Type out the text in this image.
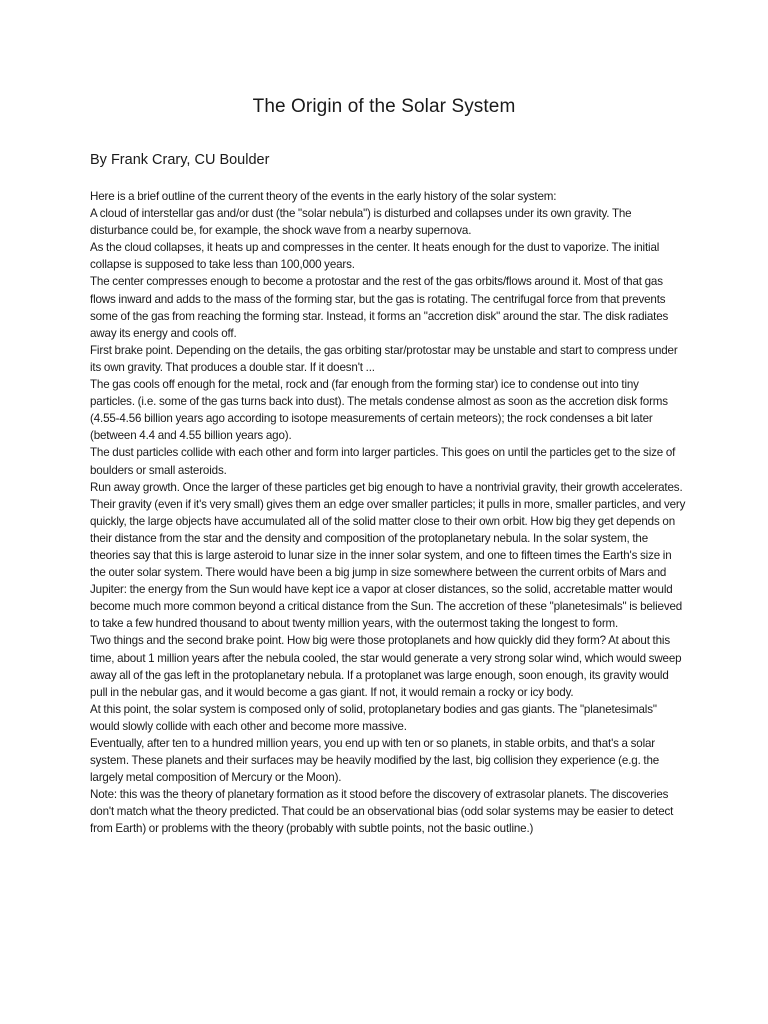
The Origin of the Solar System
By Frank Crary, CU Boulder

Here is a brief outline of the current theory of the events in the early history of the solar system:

A cloud of interstellar gas and/or dust (the "solar nebula") is disturbed and collapses under its own gravity. The disturbance could be, for example, the shock wave from a nearby supernova.

As the cloud collapses, it heats up and compresses in the center. It heats enough for the dust to vaporize. The initial collapse is supposed to take less than 100,000 years.

The center compresses enough to become a protostar and the rest of the gas orbits/flows around it. Most of that gas flows inward and adds to the mass of the forming star, but the gas is rotating. The centrifugal force from that prevents some of the gas from reaching the forming star. Instead, it forms an "accretion disk" around the star. The disk radiates away its energy and cools off.

First brake point. Depending on the details, the gas orbiting star/protostar may be unstable and start to compress under its own gravity. That produces a double star. If it doesn't ...

The gas cools off enough for the metal, rock and (far enough from the forming star) ice to condense out into tiny particles. (i.e. some of the gas turns back into dust). The metals condense almost as soon as the accretion disk forms (4.55-4.56 billion years ago according to isotope measurements of certain meteors); the rock condenses a bit later (between 4.4 and 4.55 billion years ago).

The dust particles collide with each other and form into larger particles. This goes on until the particles get to the size of boulders or small asteroids.

Run away growth. Once the larger of these particles get big enough to have a nontrivial gravity, their growth accelerates. Their gravity (even if it's very small) gives them an edge over smaller particles; it pulls in more, smaller particles, and very quickly, the large objects have accumulated all of the solid matter close to their own orbit. How big they get depends on their distance from the star and the density and composition of the protoplanetary nebula. In the solar system, the theories say that this is large asteroid to lunar size in the inner solar system, and one to fifteen times the Earth's size in the outer solar system. There would have been a big jump in size somewhere between the current orbits of Mars and Jupiter: the energy from the Sun would have kept ice a vapor at closer distances, so the solid, accretable matter would become much more common beyond a critical distance from the Sun. The accretion of these "planetesimals" is believed to take a few hundred thousand to about twenty million years, with the outermost taking the longest to form.

Two things and the second brake point. How big were those protoplanets and how quickly did they form? At about this time, about 1 million years after the nebula cooled, the star would generate a very strong solar wind, which would sweep away all of the gas left in the protoplanetary nebula. If a protoplanet was large enough, soon enough, its gravity would pull in the nebular gas, and it would become a gas giant. If not, it would remain a rocky or icy body.

At this point, the solar system is composed only of solid, protoplanetary bodies and gas giants. The "planetesimals" would slowly collide with each other and become more massive.

Eventually, after ten to a hundred million years, you end up with ten or so planets, in stable orbits, and that's a solar system. These planets and their surfaces may be heavily modified by the last, big collision they experience (e.g. the largely metal composition of Mercury or the Moon).

Note: this was the theory of planetary formation as it stood before the discovery of extrasolar planets. The discoveries don't match what the theory predicted. That could be an observational bias (odd solar systems may be easier to detect from Earth) or problems with the theory (probably with subtle points, not the basic outline.)
